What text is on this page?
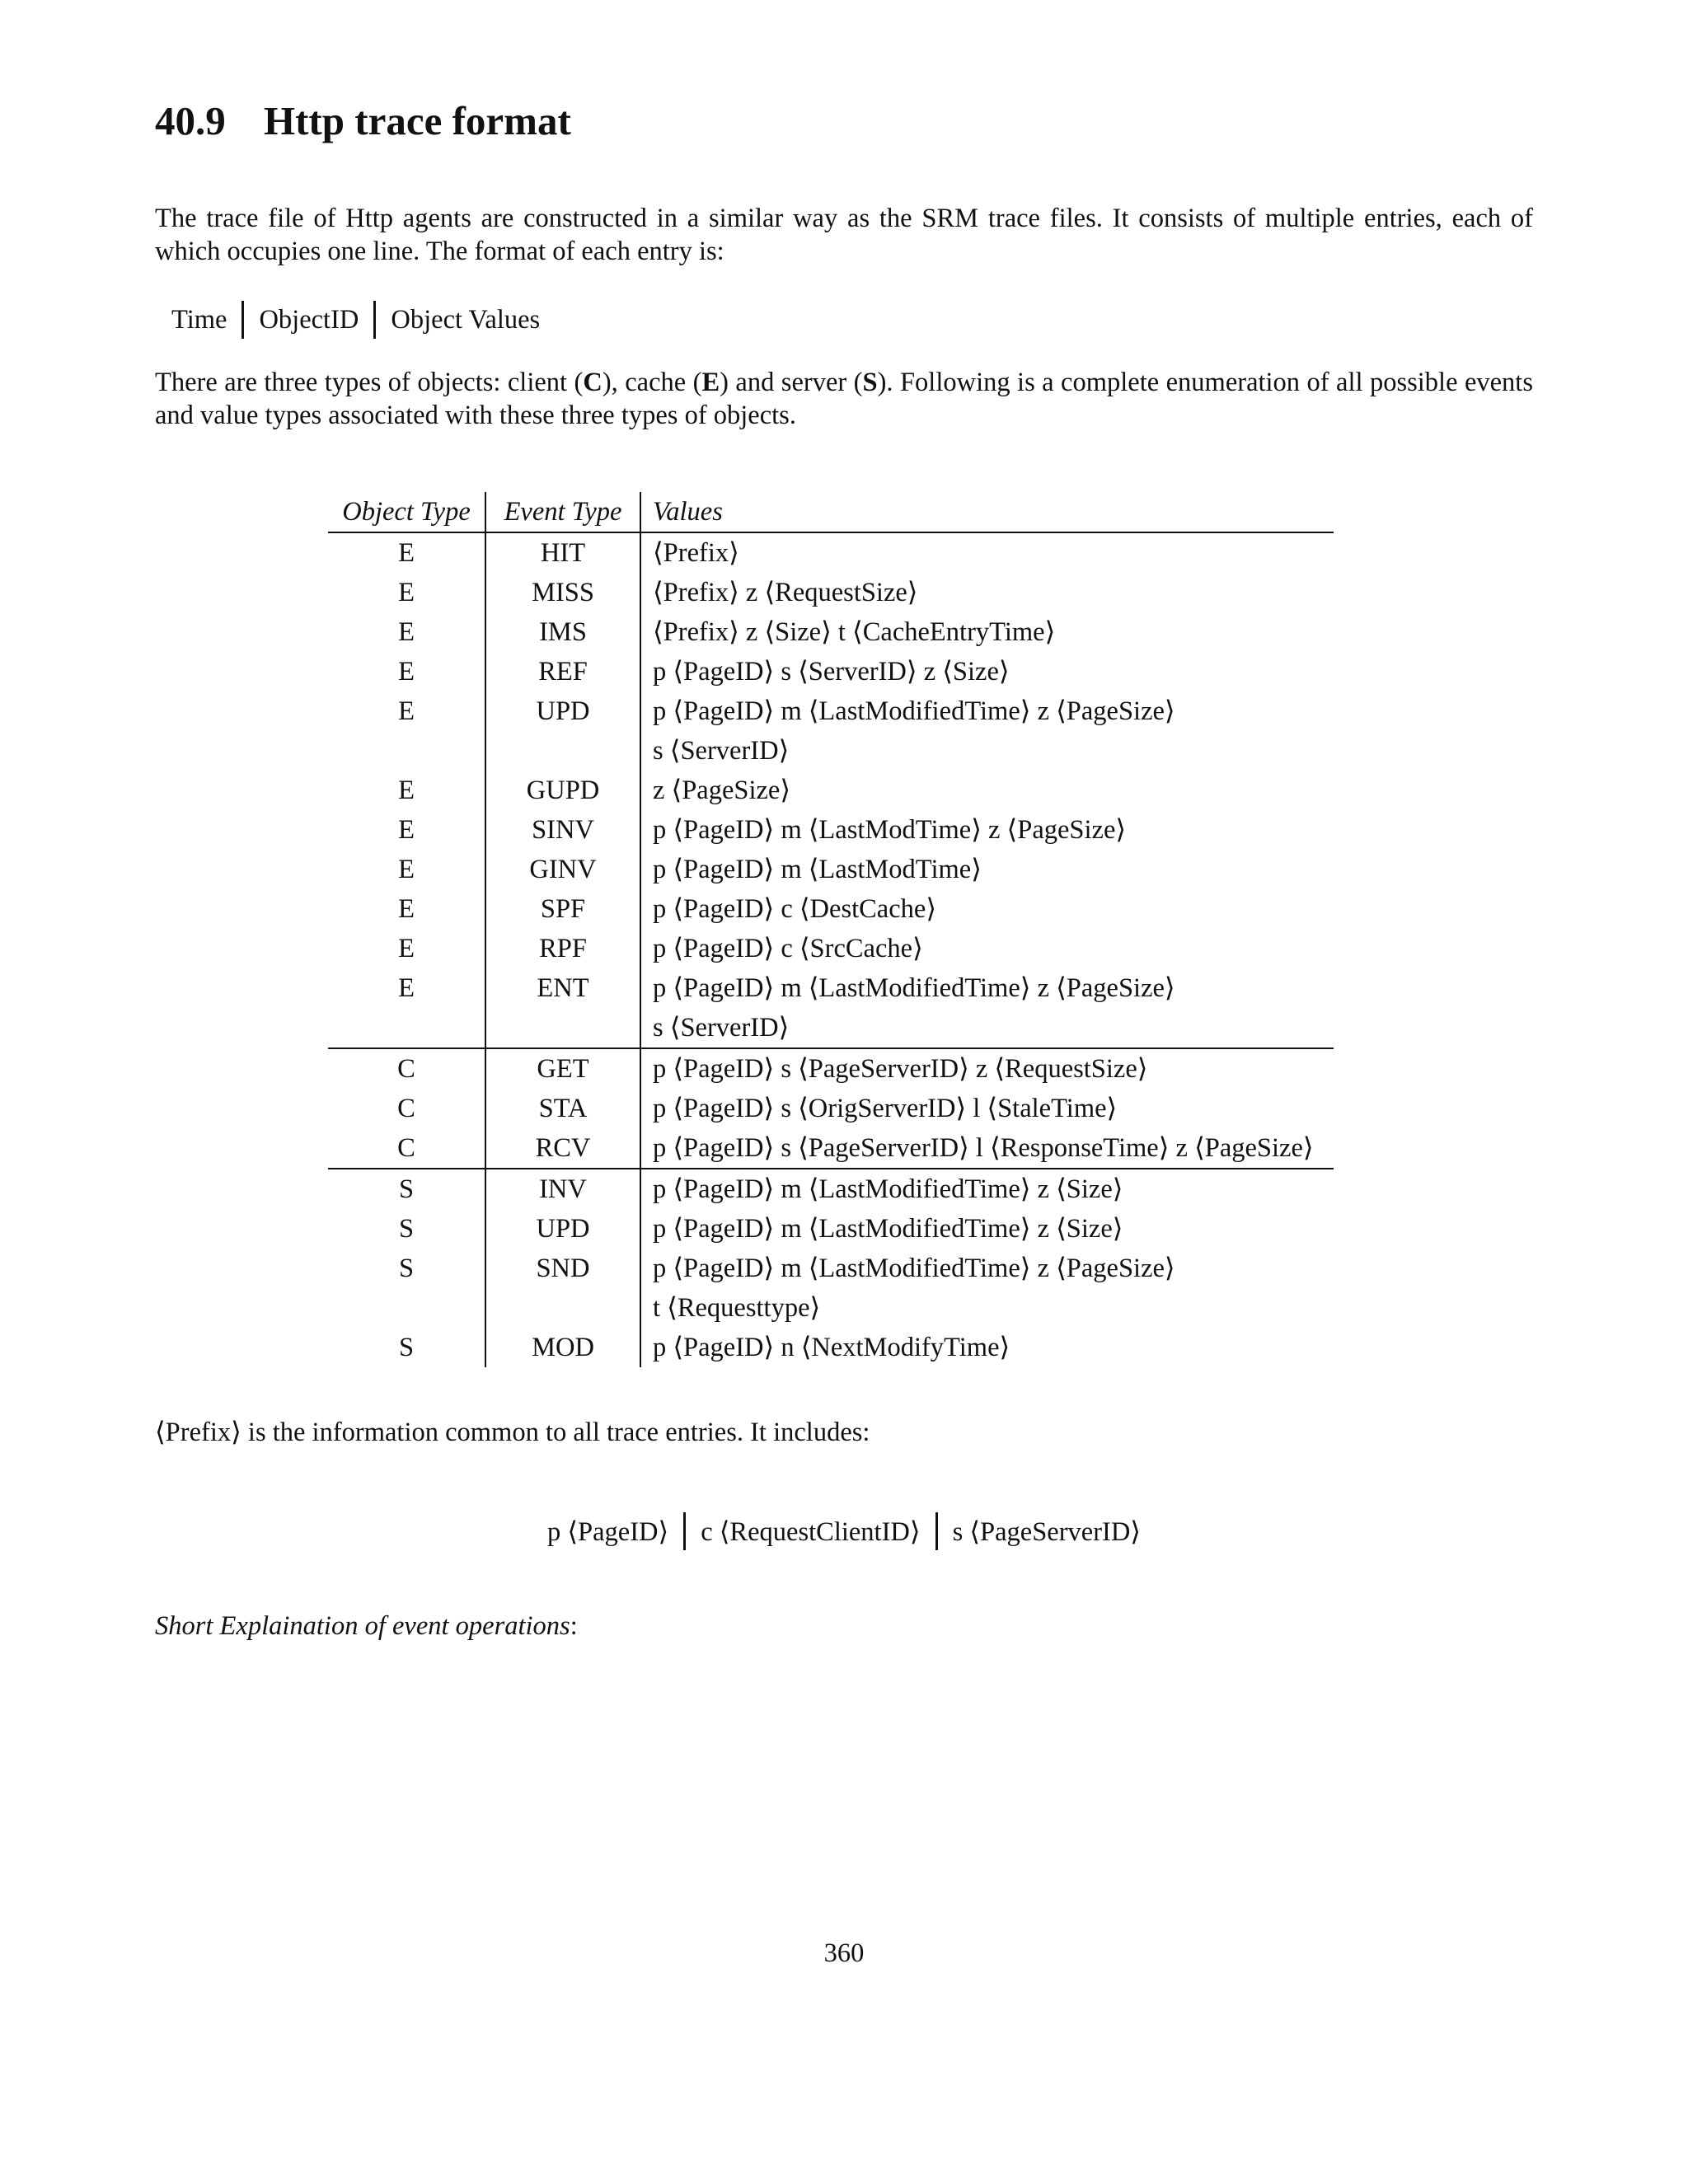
40.9 Http trace format

The trace file of Http agents are constructed in a similar way as the SRM trace files. It consists of multiple entries, each of which occupies one line. The format of each entry is:

Time ObjectID Object Values

There are three types of objects: client (C), cache (E) and server (S). Following is a complete enumeration of all possible events and value types associated with these three types of objects.

Object Type	Event Type	Values
E	HIT	⟨Prefix⟩
E	MISS	⟨Prefix⟩ z ⟨RequestSize⟩
E	IMS	⟨Prefix⟩ z ⟨Size⟩ t ⟨CacheEntryTime⟩
E	REF	p ⟨PageID⟩ s ⟨ServerID⟩ z ⟨Size⟩
E	UPD	p ⟨PageID⟩ m ⟨LastModifiedTime⟩ z ⟨PageSize⟩
		s ⟨ServerID⟩
E	GUPD	z ⟨PageSize⟩
E	SINV	p ⟨PageID⟩ m ⟨LastModTime⟩ z ⟨PageSize⟩
E	GINV	p ⟨PageID⟩ m ⟨LastModTime⟩
E	SPF	p ⟨PageID⟩ c ⟨DestCache⟩
E	RPF	p ⟨PageID⟩ c ⟨SrcCache⟩
E	ENT	p ⟨PageID⟩ m ⟨LastModifiedTime⟩ z ⟨PageSize⟩
		s ⟨ServerID⟩
C	GET	p ⟨PageID⟩ s ⟨PageServerID⟩ z ⟨RequestSize⟩
C	STA	p ⟨PageID⟩ s ⟨OrigServerID⟩ l ⟨StaleTime⟩
C	RCV	p ⟨PageID⟩ s ⟨PageServerID⟩ l ⟨ResponseTime⟩ z ⟨PageSize⟩
S	INV	p ⟨PageID⟩ m ⟨LastModifiedTime⟩ z ⟨Size⟩
S	UPD	p ⟨PageID⟩ m ⟨LastModifiedTime⟩ z ⟨Size⟩
S	SND	p ⟨PageID⟩ m ⟨LastModifiedTime⟩ z ⟨PageSize⟩
		t ⟨Requesttype⟩
S	MOD	p ⟨PageID⟩ n ⟨NextModifyTime⟩

⟨Prefix⟩ is the information common to all trace entries. It includes:

p ⟨PageID⟩ c ⟨RequestClientID⟩ s ⟨PageServerID⟩

Short Explaination of event operations:

360
